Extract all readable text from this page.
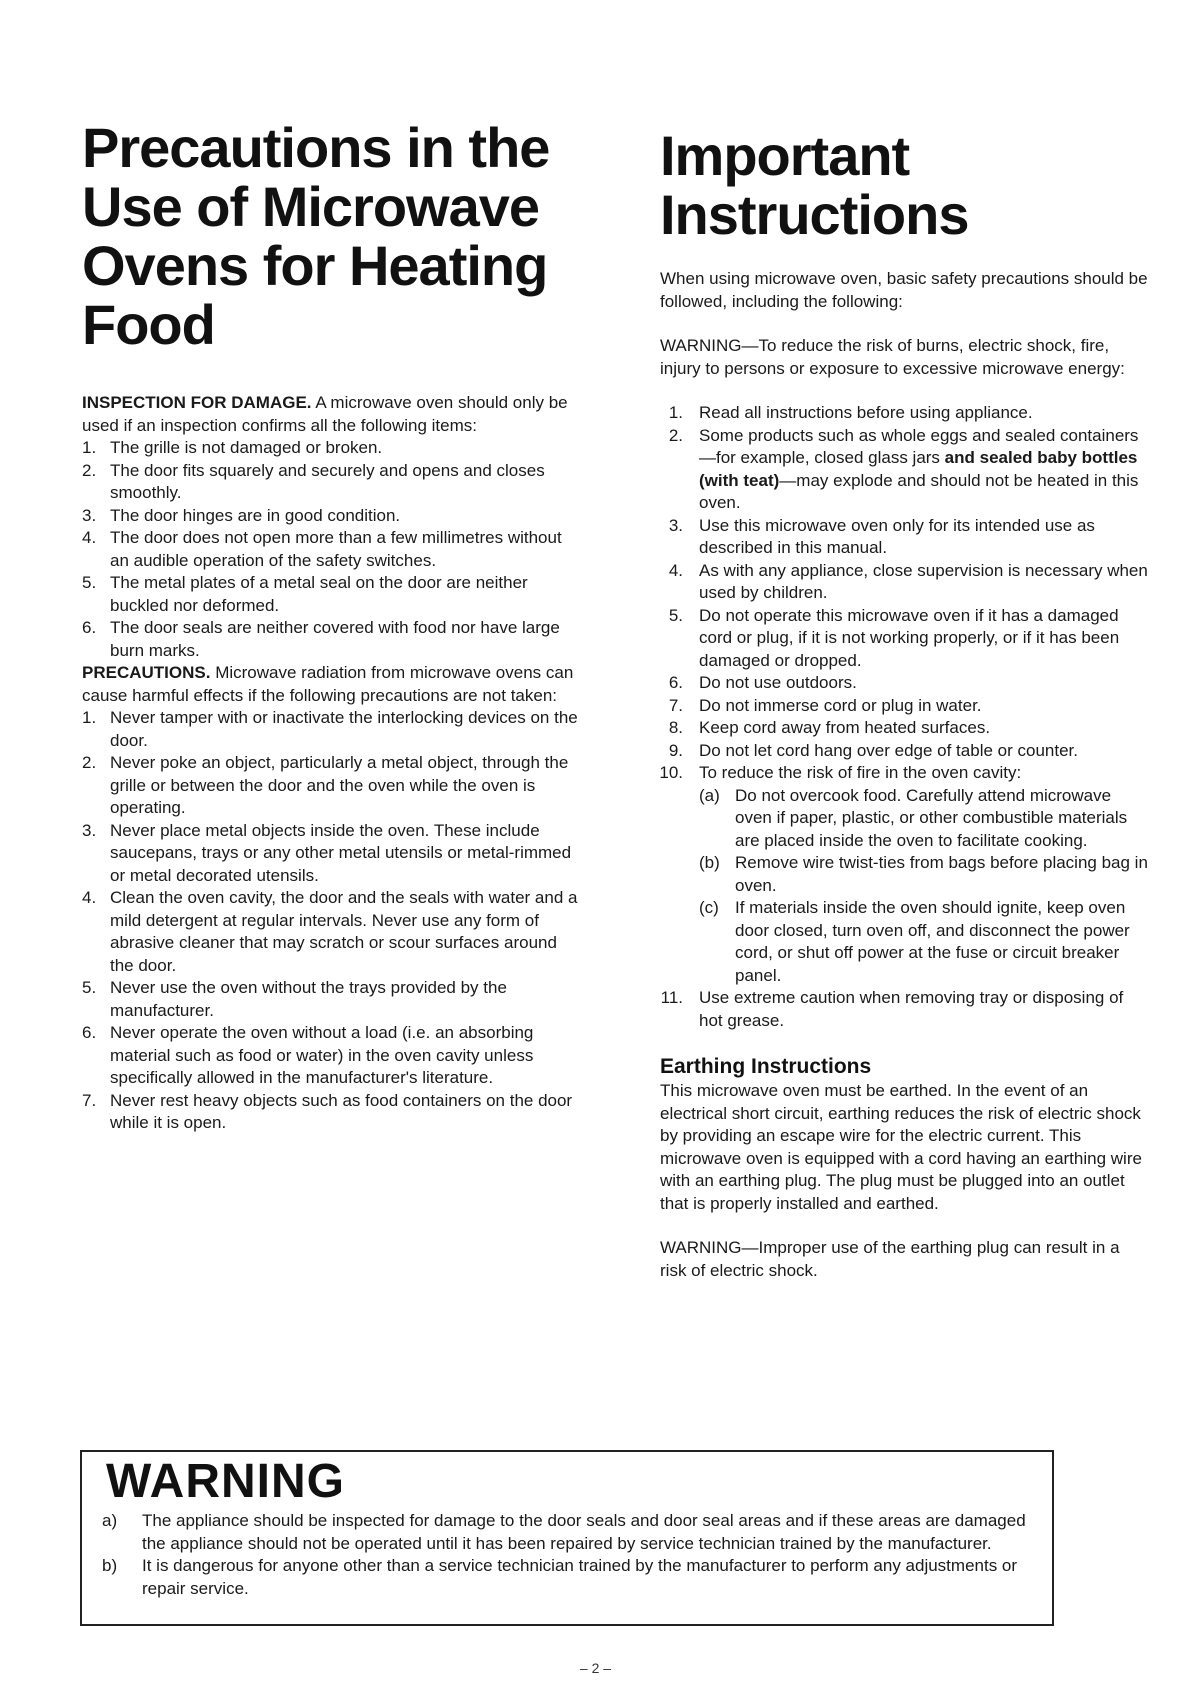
Precautions in the
Use of Microwave
Ovens for Heating
Food

INSPECTION FOR DAMAGE. A microwave oven should only be used if an inspection confirms all the following items:

1. The grille is not damaged or broken.
2. The door fits squarely and securely and opens and closes smoothly.
3. The door hinges are in good condition.
4. The door does not open more than a few millimetres without an audible operation of the safety switches.
5. The metal plates of a metal seal on the door are neither buckled nor deformed.
6. The door seals are neither covered with food nor have large burn marks.

PRECAUTIONS. Microwave radiation from microwave ovens can cause harmful effects if the following precautions are not taken:

1. Never tamper with or inactivate the interlocking devices on the door.
2. Never poke an object, particularly a metal object, through the grille or between the door and the oven while the oven is operating.
3. Never place metal objects inside the oven. These include saucepans, trays or any other metal utensils or metal-rimmed or metal decorated utensils.
4. Clean the oven cavity, the door and the seals with water and a mild detergent at regular intervals. Never use any form of abrasive cleaner that may scratch or scour surfaces around the door.
5. Never use the oven without the trays provided by the manufacturer.
6. Never operate the oven without a load (i.e. an absorbing material such as food or water) in the oven cavity unless specifically allowed in the manufacturer's literature.
7. Never rest heavy objects such as food containers on the door while it is open.
Important
Instructions

When using microwave oven, basic safety precautions should be followed, including the following:

WARNING—To reduce the risk of burns, electric shock, fire, injury to persons or exposure to excessive microwave energy:

1. Read all instructions before using appliance.
2. Some products such as whole eggs and sealed containers—for example, closed glass jars and sealed baby bottles (with teat)—may explode and should not be heated in this oven.
3. Use this microwave oven only for its intended use as described in this manual.
4. As with any appliance, close supervision is necessary when used by children.
5. Do not operate this microwave oven if it has a damaged cord or plug, if it is not working properly, or if it has been damaged or dropped.
6. Do not use outdoors.
7. Do not immerse cord or plug in water.
8. Keep cord away from heated surfaces.
9. Do not let cord hang over edge of table or counter.
10. To reduce the risk of fire in the oven cavity:
(a) Do not overcook food. Carefully attend microwave oven if paper, plastic, or other combustible materials are placed inside the oven to facilitate cooking.
(b) Remove wire twist-ties from bags before placing bag in oven.
(c) If materials inside the oven should ignite, keep oven door closed, turn oven off, and disconnect the power cord, or shut off power at the fuse or circuit breaker panel.
11. Use extreme caution when removing tray or disposing of hot grease.
Earthing Instructions

This microwave oven must be earthed. In the event of an electrical short circuit, earthing reduces the risk of electric shock by providing an escape wire for the electric current. This microwave oven is equipped with a cord having an earthing wire with an earthing plug. The plug must be plugged into an outlet that is properly installed and earthed.

WARNING—Improper use of the earthing plug can result in a risk of electric shock.

WARNING
a) The appliance should be inspected for damage to the door seals and door seal areas and if these areas are damaged the appliance should not be operated until it has been repaired by service technician trained by the manufacturer.
b) It is dangerous for anyone other than a service technician trained by the manufacturer to perform any adjustments or repair service.
– 2 –
